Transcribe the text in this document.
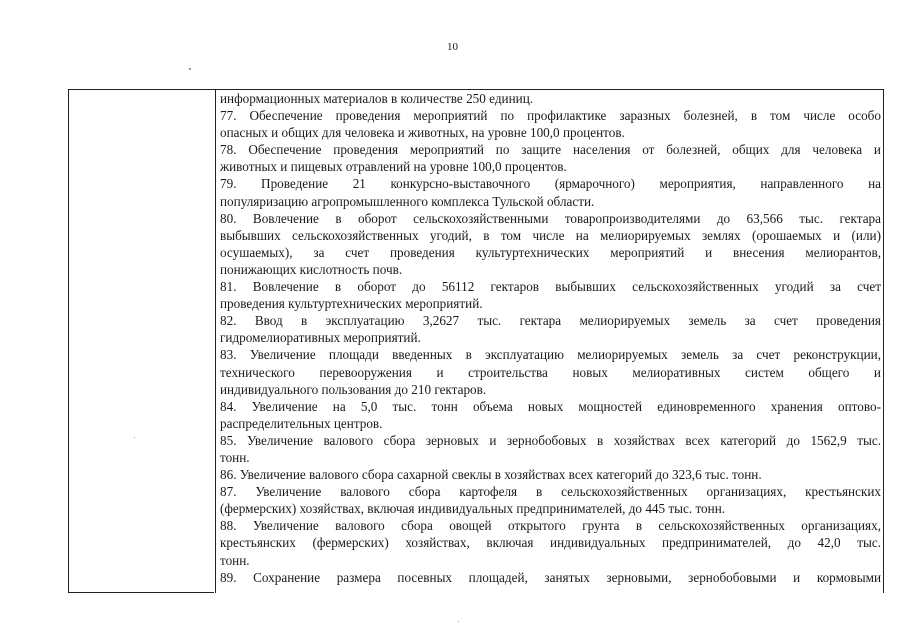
10
информационных материалов в количестве 250 единиц.
77. Обеспечение проведения мероприятий по профилактике заразных болезней, в том числе особо
опасных и общих для человека и животных, на уровне 100,0 процентов.
78. Обеспечение проведения мероприятий по защите населения от болезней, общих для человека и
животных и пищевых отравлений на уровне 100,0 процентов.
79. Проведение 21 конкурсно-выставочного (ярмарочного) мероприятия, направленного на
популяризацию агропромышленного комплекса Тульской области.
80. Вовлечение в оборот сельскохозяйственными товаропроизводителями до 63,566 тыс. гектара
выбывших сельскохозяйственных угодий, в том числе на мелиорируемых землях (орошаемых и (или)
осушаемых), за счет проведения культуртехнических мероприятий и внесения мелиорантов,
понижающих кислотность почв.
81. Вовлечение в оборот до 56112 гектаров выбывших сельскохозяйственных угодий за счет
проведения культуртехнических мероприятий.
82. Ввод в эксплуатацию 3,2627 тыс. гектара мелиорируемых земель за счет проведения
гидромелиоративных мероприятий.
83. Увеличение площади введенных в эксплуатацию мелиорируемых земель за счет реконструкции,
технического перевооружения и строительства новых мелиоративных систем общего и
индивидуального пользования до 210 гектаров.
84. Увеличение на 5,0 тыс. тонн объема новых мощностей единовременного хранения оптово-
распределительных центров.
85. Увеличение валового сбора зерновых и зернобобовых в хозяйствах всех категорий до 1562,9 тыс.
тонн.
86. Увеличение валового сбора сахарной свеклы в хозяйствах всех категорий до 323,6 тыс. тонн.
87. Увеличение валового сбора картофеля в сельскохозяйственных организациях, крестьянских
(фермерских) хозяйствах, включая индивидуальных предпринимателей, до 445 тыс. тонн.
88. Увеличение валового сбора овощей открытого грунта в сельскохозяйственных организациях,
крестьянских (фермерских) хозяйствах, включая индивидуальных предпринимателей, до 42,0 тыс.
тонн.
89. Сохранение размера посевных площадей, занятых зерновыми, зернобобовыми и кормовыми
